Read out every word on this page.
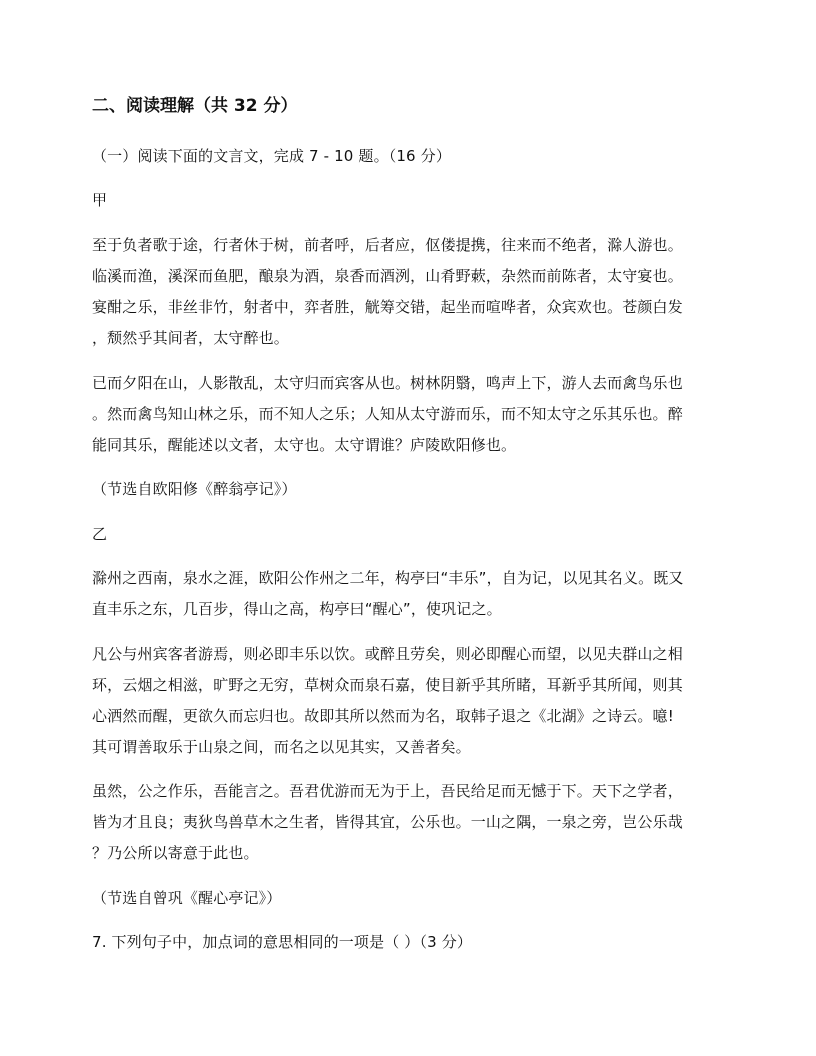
二、阅读理解（共 32 分）
（一）阅读下面的文言文，完成 7 - 10 题。（16 分）
甲
至于负者歌于途，行者休于树，前者呼，后者应，伛偻提携，往来而不绝者，滁人游也。
临溪而渔，溪深而鱼肥，酿泉为酒，泉香而酒洌，山肴野蔌，杂然而前陈者，太守宴也。
宴酣之乐，非丝非竹，射者中，弈者胜，觥筹交错，起坐而喧哗者，众宾欢也。苍颜白发
，颓然乎其间者，太守醉也。
已而夕阳在山，人影散乱，太守归而宾客从也。树林阴翳，鸣声上下，游人去而禽鸟乐也
。然而禽鸟知山林之乐，而不知人之乐；人知从太守游而乐，而不知太守之乐其乐也。醉
能同其乐，醒能述以文者，太守也。太守谓谁？庐陵欧阳修也。
（节选自欧阳修《醉翁亭记》）
乙
滁州之西南，泉水之涯，欧阳公作州之二年，构亭曰“丰乐”，自为记，以见其名义。既又
直丰乐之东，几百步，得山之高，构亭曰“醒心”，使巩记之。
凡公与州宾客者游焉，则必即丰乐以饮。或醉且劳矣，则必即醒心而望，以见夫群山之相
环，云烟之相滋，旷野之无穷，草树众而泉石嘉，使目新乎其所睹，耳新乎其所闻，则其
心洒然而醒，更欲久而忘归也。故即其所以然而为名，取韩子退之《北湖》之诗云。噫!
其可谓善取乐于山泉之间，而名之以见其实，又善者矣。
虽然，公之作乐，吾能言之。吾君优游而无为于上，吾民给足而无憾于下。天下之学者，
皆为才且良；夷狄鸟兽草木之生者，皆得其宜，公乐也。一山之隅，一泉之旁，岂公乐哉
？乃公所以寄意于此也。
（节选自曾巩《醒心亭记》）
7. 下列句子中，加点词的意思相同的一项是（ ）（3 分）
